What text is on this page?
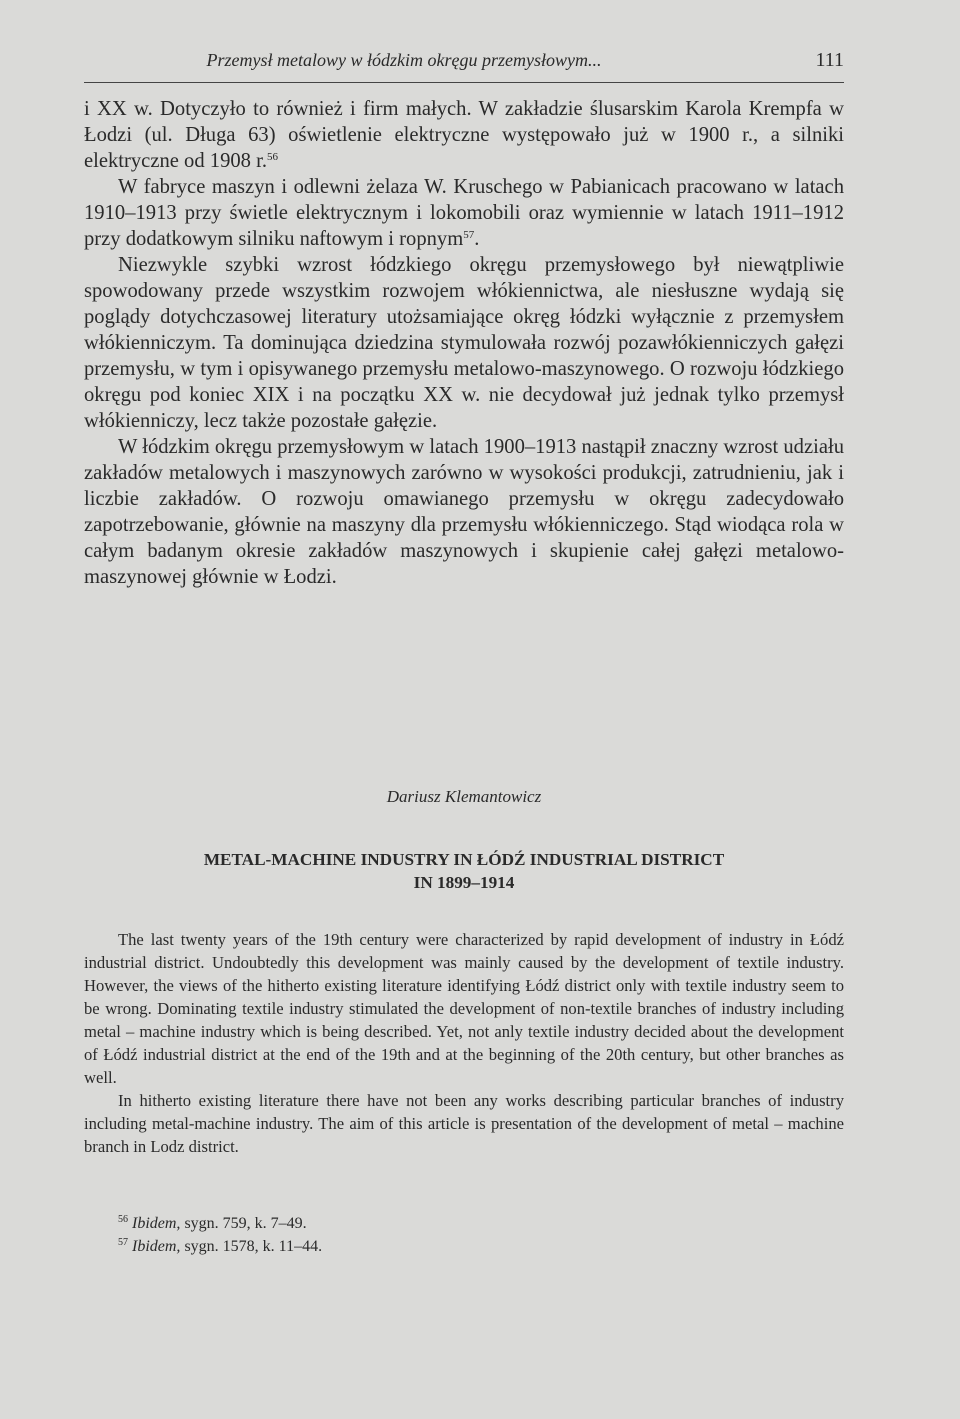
Przemysł metalowy w łódzkim okręgu przemysłowym...	111

i XX w. Dotyczyło to również i firm małych. W zakładzie ślusarskim Karola Krempfa w Łodzi (ul. Długa 63) oświetlenie elektryczne występowało już w 1900 r., a silniki elektryczne od 1908 r.$^{56}$

W fabryce maszyn i odlewni żelaza W. Kruschego w Pabianicach pracowano w latach 1910–1913 przy świetle elektrycznym i lokomobili oraz wymiennie w latach 1911–1912 przy dodatkowym silniku naftowym i ropnym$^{57}$.

Niezwykle szybki wzrost łódzkiego okręgu przemysłowego był niewątpliwie spowodowany przede wszystkim rozwojem włókiennictwa, ale niesłuszne wydają się poglądy dotychczasowej literatury utożsamiające okręg łódzki wyłącznie z przemysłem włókienniczym. Ta dominująca dziedzina stymulowała rozwój pozawłókienniczych gałęzi przemysłu, w tym i opisywanego przemysłu metalowo-maszynowego. O rozwoju łódzkiego okręgu pod koniec XIX i na początku XX w. nie decydował już jednak tylko przemysł włókienniczy, lecz także pozostałe gałęzie.

W łódzkim okręgu przemysłowym w latach 1900–1913 nastąpił znaczny wzrost udziału zakładów metalowych i maszynowych zarówno w wysokości produkcji, zatrudnieniu, jak i liczbie zakładów. O rozwoju omawianego przemysłu w okręgu zadecydowało zapotrzebowanie, głównie na maszyny dla przemysłu włókienniczego. Stąd wiodąca rola w całym badanym okresie zakładów maszynowych i skupienie całej gałęzi metalowo-maszynowej głównie w Łodzi.

Dariusz Klemantowicz

METAL-MACHINE INDUSTRY IN ŁÓDŹ INDUSTRIAL DISTRICT
IN 1899–1914

The last twenty years of the 19th century were characterized by rapid development of industry in Łódź industrial district. Undoubtedly this development was mainly caused by the development of textile industry. However, the views of the hitherto existing literature identifying Łódź district only with textile industry seem to be wrong. Dominating textile industry stimulated the development of non-textile branches of industry including metal – machine industry which is being described. Yet, not anly textile industry decided about the development of Łódź industrial district at the end of the 19th and at the beginning of the 20th century, but other branches as well.

In hitherto existing literature there have not been any works describing particular branches of industry including metal-machine industry. The aim of this article is presentation of the development of metal – machine branch in Lodz district.

$^{56}$ Ibidem, sygn. 759, k. 7–49.

$^{57}$ Ibidem, sygn. 1578, k. 11–44.
